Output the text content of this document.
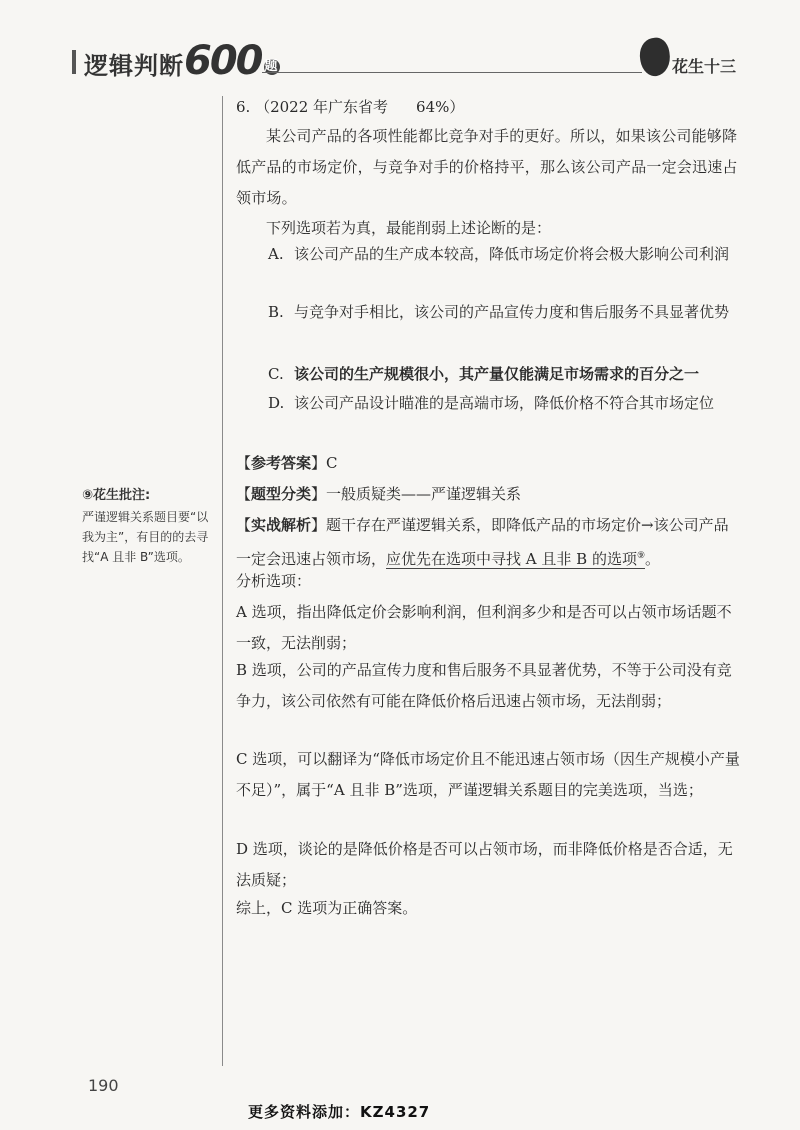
逻辑判断600 题	花生十三
⑨花生批注:
严谨逻辑关系题目要“以我为主”，有目的的去寻找“A 且非 B”选项。
6. （2022 年广东省考 64%）
某公司产品的各项性能都比竞争对手的更好。所以，如果该公司能够降低产品的市场定价，与竞争对手的价格持平，那么该公司产品一定会迅速占领市场。
下列选项若为真，最能削弱上述论断的是：
A. 该公司产品的生产成本较高，降低市场定价将会极大影响公司利润
B. 与竞争对手相比，该公司的产品宣传力度和售后服务不具显著优势
C. 该公司的生产规模很小，其产量仅能满足市场需求的百分之一
D. 该公司产品设计瞄准的是高端市场，降低价格不符合其市场定位
【参考答案】C
【题型分类】一般质疑类——严谨逻辑关系
【实战解析】题干存在严谨逻辑关系，即降低产品的市场定价→该公司产品一定会迅速占领市场，应优先在选项中寻找 A 且非 B 的选项⑨。
分析选项：
A 选项，指出降低定价会影响利润，但利润多少和是否可以占领市场话题不一致，无法削弱；
B 选项，公司的产品宣传力度和售后服务不具显著优势，不等于公司没有竞争力，该公司依然有可能在降低价格后迅速占领市场，无法削弱；
C 选项，可以翻译为“降低市场定价且不能迅速占领市场（因生产规模小产量不足）”，属于“A 且非 B”选项，严谨逻辑关系题目的完美选项，当选；
D 选项，谈论的是降低价格是否可以占领市场，而非降低价格是否合适，无法质疑；
综上，C 选项为正确答案。
190
更多资料添加：KZ4327
